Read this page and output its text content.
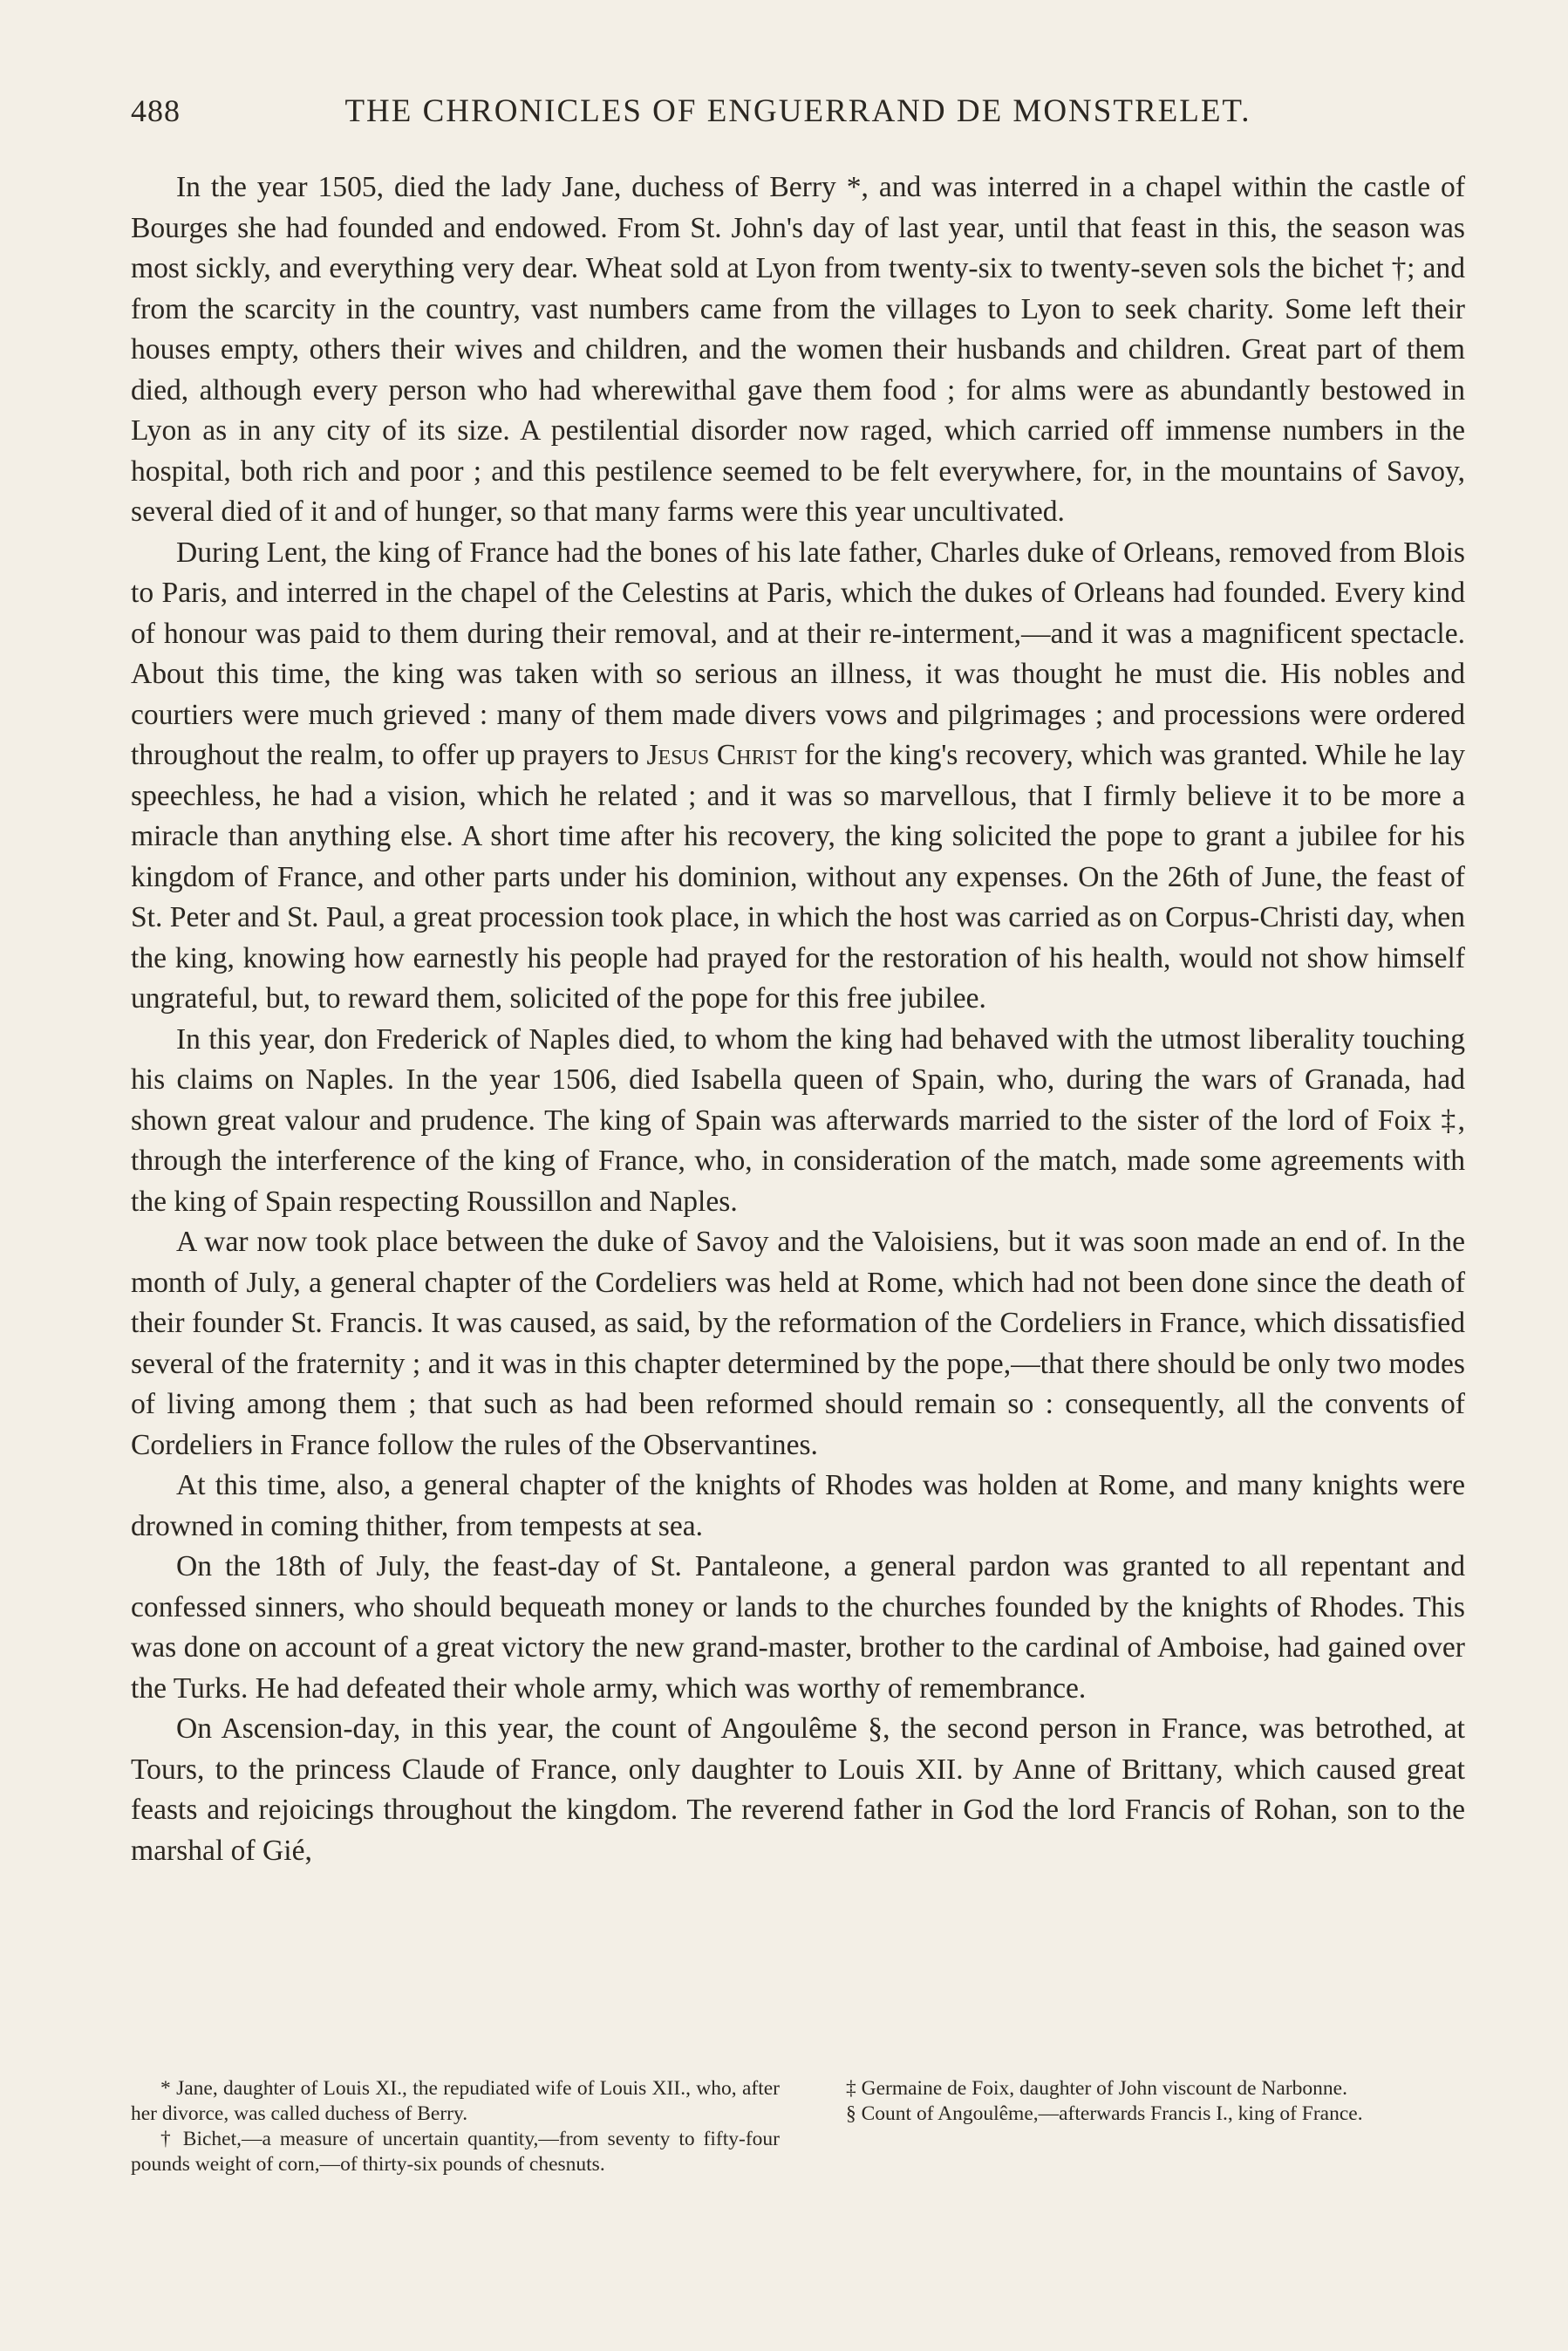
488	THE CHRONICLES OF ENGUERRAND DE MONSTRELET.

In the year 1505, died the lady Jane, duchess of Berry *, and was interred in a chapel within the castle of Bourges she had founded and endowed. From St. John's day of last year, until that feast in this, the season was most sickly, and everything very dear. Wheat sold at Lyon from twenty-six to twenty-seven sols the bichet †; and from the scarcity in the country, vast numbers came from the villages to Lyon to seek charity. Some left their houses empty, others their wives and children, and the women their husbands and children. Great part of them died, although every person who had wherewithal gave them food ; for alms were as abundantly bestowed in Lyon as in any city of its size. A pestilential disorder now raged, which carried off immense numbers in the hospital, both rich and poor ; and this pestilence seemed to be felt everywhere, for, in the mountains of Savoy, several died of it and of hunger, so that many farms were this year uncultivated.

During Lent, the king of France had the bones of his late father, Charles duke of Orleans, removed from Blois to Paris, and interred in the chapel of the Celestins at Paris, which the dukes of Orleans had founded. Every kind of honour was paid to them during their removal, and at their re-interment,—and it was a magnificent spectacle. About this time, the king was taken with so serious an illness, it was thought he must die. His nobles and courtiers were much grieved : many of them made divers vows and pilgrimages ; and processions were ordered throughout the realm, to offer up prayers to Jesus Christ for the king's recovery, which was granted. While he lay speechless, he had a vision, which he related ; and it was so marvellous, that I firmly believe it to be more a miracle than anything else. A short time after his recovery, the king solicited the pope to grant a jubilee for his kingdom of France, and other parts under his dominion, without any expenses. On the 26th of June, the feast of St. Peter and St. Paul, a great procession took place, in which the host was carried as on Corpus-Christi day, when the king, knowing how earnestly his people had prayed for the restoration of his health, would not show himself ungrateful, but, to reward them, solicited of the pope for this free jubilee.

In this year, don Frederick of Naples died, to whom the king had behaved with the utmost liberality touching his claims on Naples. In the year 1506, died Isabella queen of Spain, who, during the wars of Granada, had shown great valour and prudence. The king of Spain was afterwards married to the sister of the lord of Foix ‡, through the interference of the king of France, who, in consideration of the match, made some agreements with the king of Spain respecting Roussillon and Naples.

A war now took place between the duke of Savoy and the Valoisiens, but it was soon made an end of. In the month of July, a general chapter of the Cordeliers was held at Rome, which had not been done since the death of their founder St. Francis. It was caused, as said, by the reformation of the Cordeliers in France, which dissatisfied several of the fraternity ; and it was in this chapter determined by the pope,—that there should be only two modes of living among them ; that such as had been reformed should remain so : consequently, all the convents of Cordeliers in France follow the rules of the Observantines.

At this time, also, a general chapter of the knights of Rhodes was holden at Rome, and many knights were drowned in coming thither, from tempests at sea.

On the 18th of July, the feast-day of St. Pantaleone, a general pardon was granted to all repentant and confessed sinners, who should bequeath money or lands to the churches founded by the knights of Rhodes. This was done on account of a great victory the new grand-master, brother to the cardinal of Amboise, had gained over the Turks. He had defeated their whole army, which was worthy of remembrance.

On Ascension-day, in this year, the count of Angoulême §, the second person in France, was betrothed, at Tours, to the princess Claude of France, only daughter to Louis XII. by Anne of Brittany, which caused great feasts and rejoicings throughout the kingdom. The reverend father in God the lord Francis of Rohan, son to the marshal of Gié,

* Jane, daughter of Louis XI., the repudiated wife of Louis XII., who, after her divorce, was called duchess of Berry.

† Bichet,—a measure of uncertain quantity,—from seventy to fifty-four pounds weight of corn,—of thirty-six pounds of chesnuts.

‡ Germaine de Foix, daughter of John viscount de Narbonne.

§ Count of Angoulême,—afterwards Francis I., king of France.
